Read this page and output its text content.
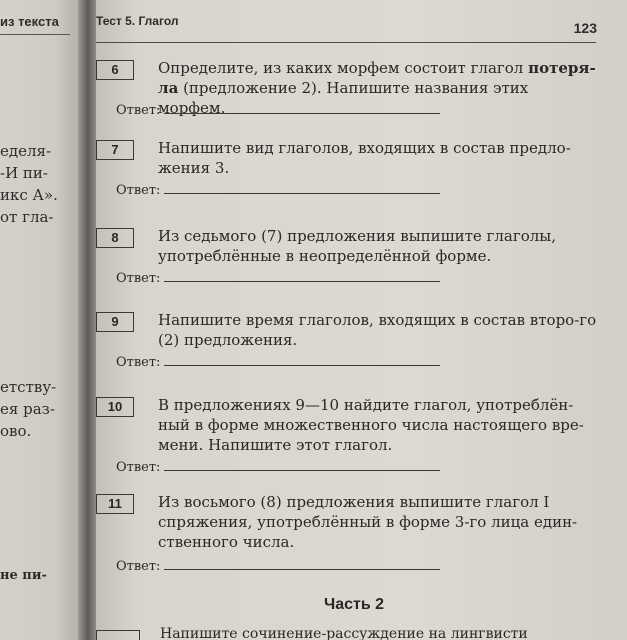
из текста
еделя-
-И пи-
икс А».
от гла-
етству-
ея раз-
ово.
не пи-
Тест 5. Глагол	123
6	Определите, из каких морфем состоит глагол потеря-ла (предложение 2). Напишите названия этих морфем.
Ответ:
7	Напишите вид глаголов, входящих в состав предло-жения 3.
Ответ:
8	Из седьмого (7) предложения выпишите глаголы, употреблённые в неопределённой форме.
Ответ:
9	Напишите время глаголов, входящих в состав второ-го (2) предложения.
Ответ:
10	В предложениях 9—10 найдите глагол, употреблён-ный в форме множественного числа настоящего вре-мени. Напишите этот глагол.
Ответ:
11	Из восьмого (8) предложения выпишите глагол I спряжения, употреблённый в форме 3-го лица един-ственного числа.
Ответ:
Часть 2
Напишите сочинение-рассуждение на лингвисти
